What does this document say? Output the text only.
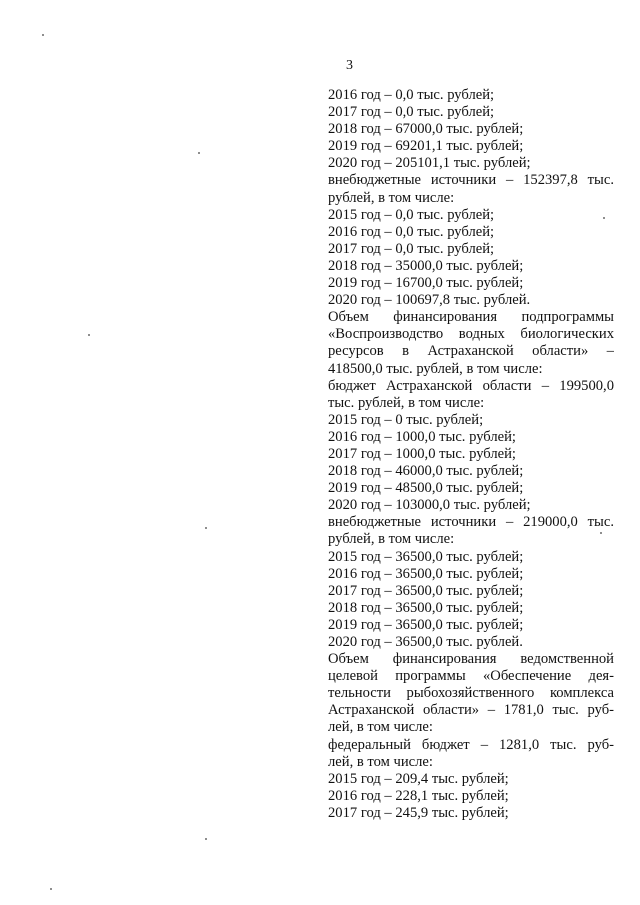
3
2016 год – 0,0 тыс. рублей;
2017 год – 0,0 тыс. рублей;
2018 год – 67000,0 тыс. рублей;
2019 год – 69201,1 тыс. рублей;
2020 год – 205101,1 тыс. рублей;
внебюджетные источники – 152397,8 тыс.
рублей, в том числе:
2015 год – 0,0 тыс. рублей;
2016 год – 0,0 тыс. рублей;
2017 год – 0,0 тыс. рублей;
2018 год – 35000,0 тыс. рублей;
2019 год – 16700,0 тыс. рублей;
2020 год – 100697,8 тыс. рублей.
Объем финансирования подпрограммы
«Воспроизводство водных биологических
ресурсов в Астраханской области» –
418500,0 тыс. рублей, в том числе:
бюджет Астраханской области – 199500,0
тыс. рублей, в том числе:
2015 год – 0 тыс. рублей;
2016 год – 1000,0 тыс. рублей;
2017 год – 1000,0 тыс. рублей;
2018 год – 46000,0 тыс. рублей;
2019 год – 48500,0 тыс. рублей;
2020 год – 103000,0 тыс. рублей;
внебюджетные источники – 219000,0 тыс.
рублей, в том числе:
2015 год – 36500,0 тыс. рублей;
2016 год – 36500,0 тыс. рублей;
2017 год – 36500,0 тыс. рублей;
2018 год – 36500,0 тыс. рублей;
2019 год – 36500,0 тыс. рублей;
2020 год – 36500,0 тыс. рублей.
Объем финансирования ведомственной
целевой программы «Обеспечение дея-
тельности рыбохозяйственного комплекса
Астраханской области» – 1781,0 тыс. руб-
лей, в том числе:
федеральный бюджет – 1281,0 тыс. руб-
лей, в том числе:
2015 год – 209,4 тыс. рублей;
2016 год – 228,1 тыс. рублей;
2017 год – 245,9 тыс. рублей;
